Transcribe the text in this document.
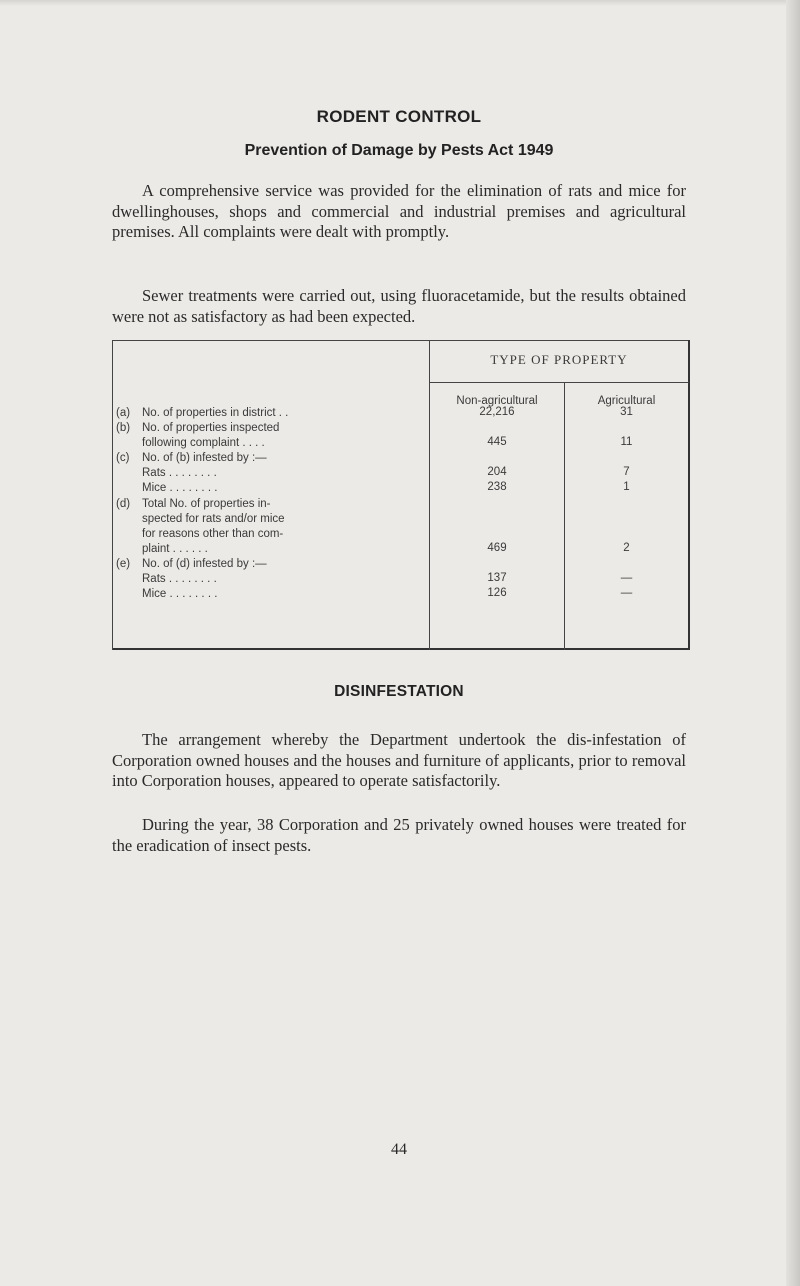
RODENT CONTROL
Prevention of Damage by Pests Act 1949

A comprehensive service was provided for the elimination of rats and mice for dwellinghouses, shops and commercial and industrial premises and agricultural premises. All complaints were dealt with promptly.

Sewer treatments were carried out, using fluoracetamide, but the results obtained were not as satisfactory as had been expected.

TYPE OF PROPERTY
Non-agricultural	Agricultural
(a) No. of properties in district . .	22,216	31
(b) No. of properties inspected
following complaint . . . .	445	11
(c) No. of (b) infested by :—
Rats . . . . . . . .	204	7
Mice . . . . . . . .	238	1
(d) Total No. of properties in-
spected for rats and/or mice
for reasons other than com-
plaint . . . . . .	469	2
(e) No. of (d) infested by :—
Rats . . . . . . . .	137	—
Mice . . . . . . . .	126	—
DISINFESTATION

The arrangement whereby the Department undertook the dis-infestation of Corporation owned houses and the houses and furniture of applicants, prior to removal into Corporation houses, appeared to operate satisfactorily.

During the year, 38 Corporation and 25 privately owned houses were treated for the eradication of insect pests.

44
